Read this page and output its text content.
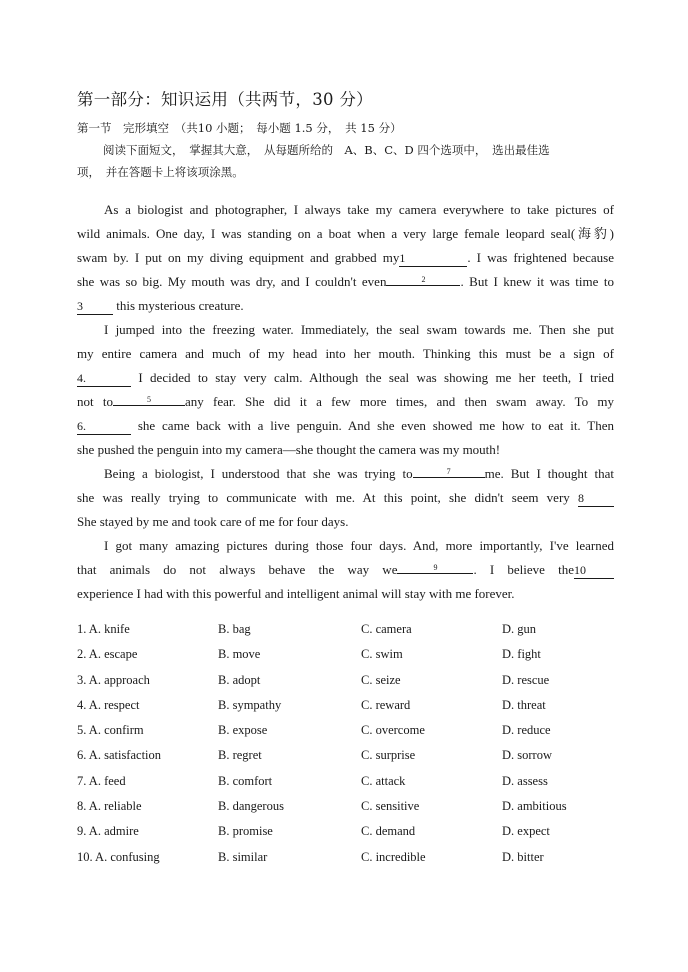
第一部分：知识运用（共两节，30 分）
第一节　完形填空　（共10 小题；　每小题 1.5 分，　共 15 分）
阅读下面短文，　掌握其大意，　从每题所给的　A、B、C、D 四个选项中，　选出最佳选
项，　并在答题卡上将该项涂黑。
As a biologist and photographer, I always take my camera everywhere to take pictures of
wild animals. One day, I was standing on a boat when a very large female leopard seal(海豹)
swam by. I put on my diving equipment and grabbed my1	. I was frightened because
she was so big. My mouth was dry, and I couldn't even	2	. But I knew it was time to
3	this mysterious creature.
I jumped into the freezing water. Immediately, the seal swam towards me. Then she put
my entire camera and much of my head into her mouth. Thinking this must be a sign of
4.	I decided to stay very calm. Although the seal was showing me her teeth, I tried
not to	5	any fear. She did it a few more times, and then swam away. To my
6.	she came back with a live penguin. And she even showed me how to eat it. Then
she pushed the penguin into my camera—she thought the camera was my mouth!
Being a biologist, I understood that she was trying to	7	me. But I thought that
she was really trying to communicate with me. At this point, she didn't seem very 8
She stayed by me and took care of me for four days.
I got many amazing pictures during those four days. And, more importantly, I've learned
that animals do not always behave the way we	9	. I believe the10
experience I had with this powerful and intelligent animal will stay with me forever.
1. A. knife	B. bag	C. camera	D. gun
2. A. escape	B. move	C. swim	D. fight
3. A. approach	B. adopt	C. seize	D. rescue
4. A. respect	B. sympathy	C. reward	D. threat
5. A. confirm	B. expose	C. overcome	D. reduce
6. A. satisfaction	B. regret	C. surprise	D. sorrow
7. A. feed	B. comfort	C. attack	D. assess
8. A. reliable	B. dangerous	C. sensitive	D. ambitious
9. A. admire	B. promise	C. demand	D. expect
10. A. confusing	B. similar	C. incredible	D. bitter
